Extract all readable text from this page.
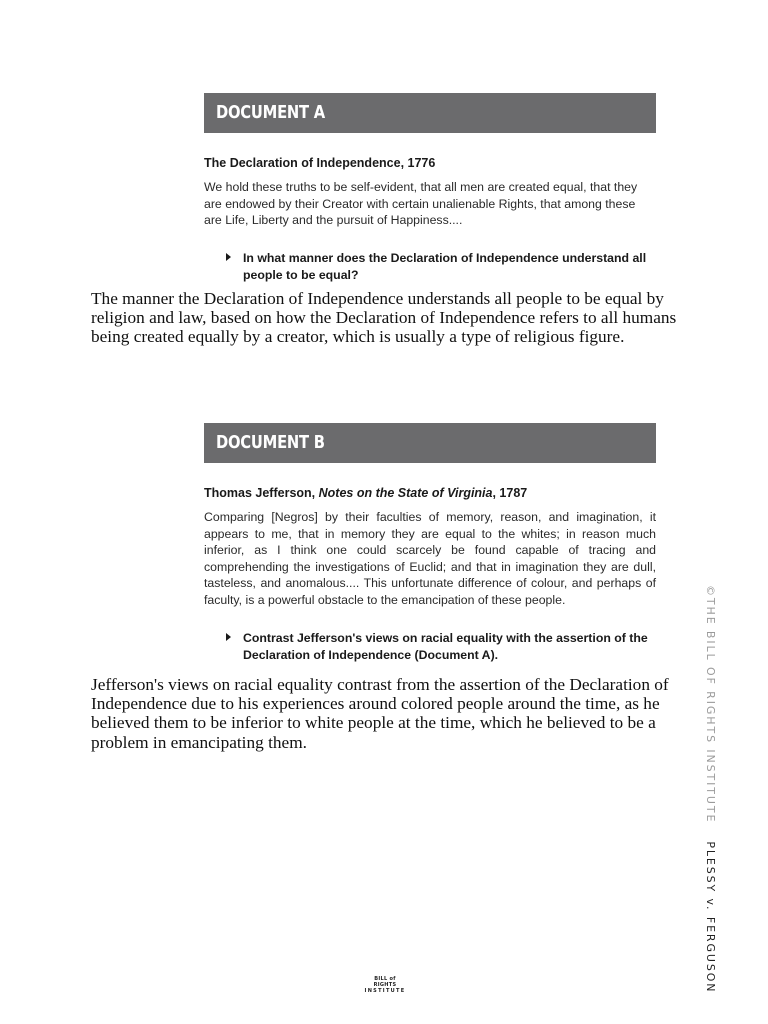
DOCUMENT A
The Declaration of Independence, 1776
We hold these truths to be self-evident, that all men are created equal, that they are endowed by their Creator with certain unalienable Rights, that among these are Life, Liberty and the pursuit of Happiness....
In what manner does the Declaration of Independence understand all people to be equal?
The manner the Declaration of Independence understands all people to be equal by religion and law, based on how the Declaration of Independence refers to all humans being created equally by a creator, which is usually a type of religious figure.
DOCUMENT B
Thomas Jefferson, Notes on the State of Virginia, 1787
Comparing [Negros] by their faculties of memory, reason, and imagination, it appears to me, that in memory they are equal to the whites; in reason much inferior, as I think one could scarcely be found capable of tracing and comprehending the investigations of Euclid; and that in imagination they are dull, tasteless, and anomalous.... This unfortunate difference of colour, and perhaps of faculty, is a powerful obstacle to the emancipation of these people.
Contrast Jefferson's views on racial equality with the assertion of the Declaration of Independence (Document A).
Jefferson's views on racial equality contrast from the assertion of the Declaration of Independence due to his experiences around colored people around the time, as he believed them to be inferior to white people at the time, which he believed to be a problem in emancipating them.	©THE BILL OF RIGHTS INSTITUTEPLESSY v. FERGUSON
BILL of RIGHTS
INSTITUTE
